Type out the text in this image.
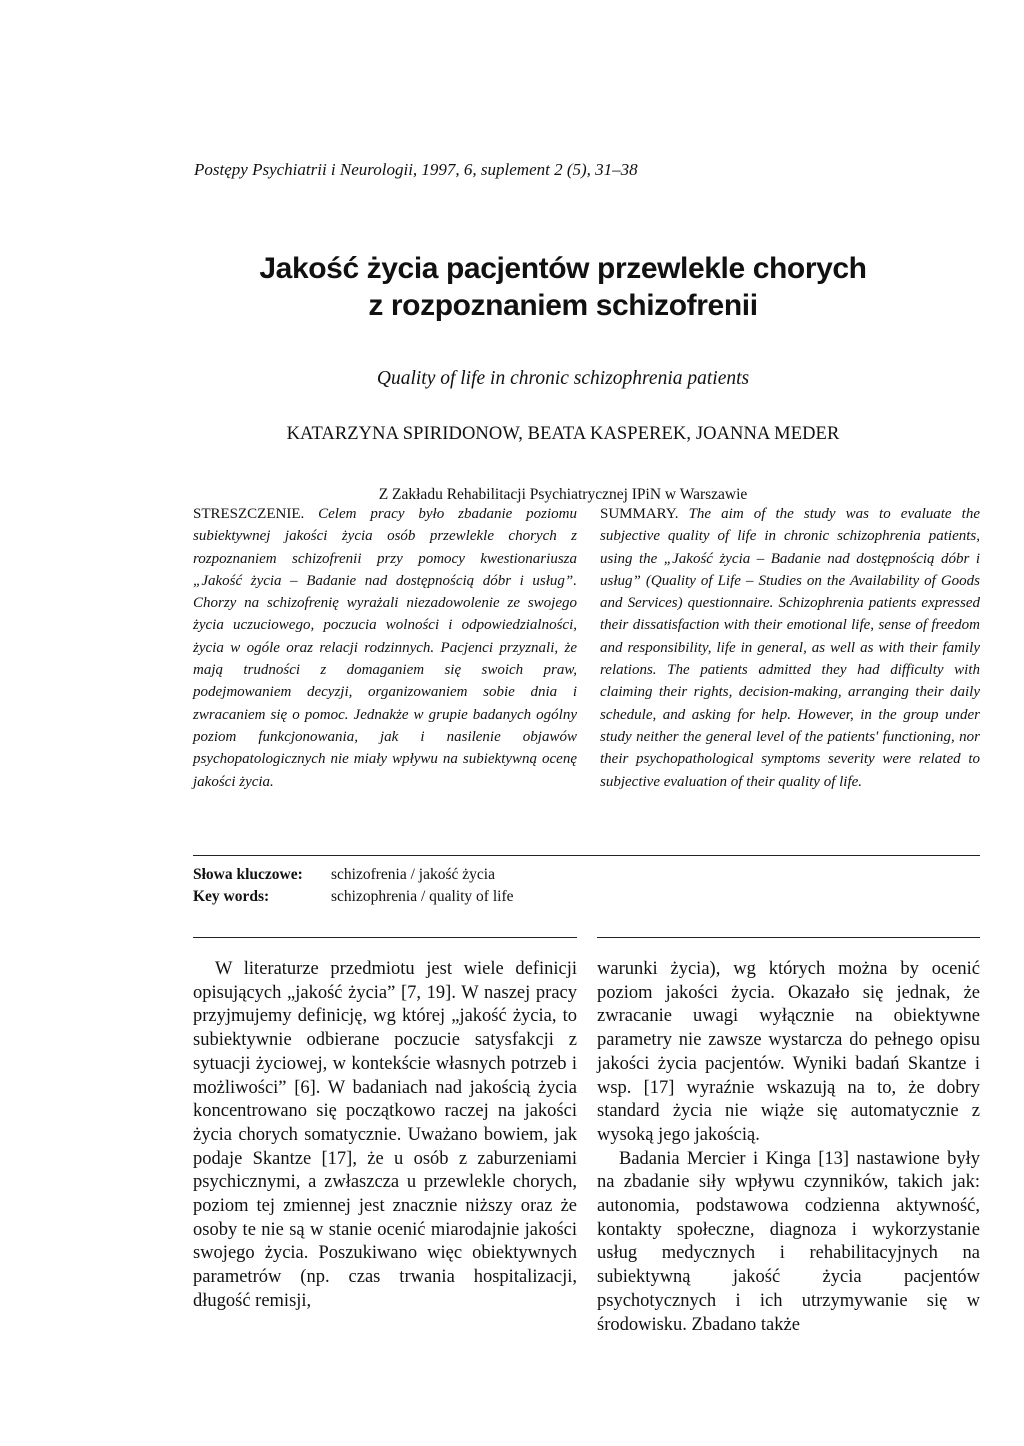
Postępy Psychiatrii i Neurologii, 1997, 6, suplement 2 (5), 31–38
Jakość życia pacjentów przewlekle chorych
z rozpoznaniem schizofrenii
Quality of life in chronic schizophrenia patients
KATARZYNA SPIRIDONOW, BEATA KASPEREK, JOANNA MEDER
Z Zakładu Rehabilitacji Psychiatrycznej IPiN w Warszawie
STRESZCZENIE. Celem pracy było zbadanie poziomu subiektywnej jakości życia osób przewlekle chorych z rozpoznaniem schizofrenii przy pomocy kwestionariusza „Jakość życia – Badanie nad dostępnością dóbr i usług”. Chorzy na schizofrenię wyrażali niezadowolenie ze swojego życia uczuciowego, poczucia wolności i odpowiedzialności, życia w ogóle oraz relacji rodzinnych. Pacjenci przyznali, że mają trudności z domaganiem się swoich praw, podejmowaniem decyzji, organizowaniem sobie dnia i zwracaniem się o pomoc. Jednakże w grupie badanych ogólny poziom funkcjonowania, jak i nasilenie objawów psychopatologicznych nie miały wpływu na subiektywną ocenę jakości życia.
SUMMARY. The aim of the study was to evaluate the subjective quality of life in chronic schizophrenia patients, using the „Jakość życia – Badanie nad dostępnością dóbr i usług” (Quality of Life – Studies on the Availability of Goods and Services) questionnaire. Schizophrenia patients expressed their dissatisfaction with their emotional life, sense of freedom and responsibility, life in general, as well as with their family relations. The patients admitted they had difficulty with claiming their rights, decision-making, arranging their daily schedule, and asking for help. However, in the group under study neither the general level of the patients' functioning, nor their psychopathological symptoms severity were related to subjective evaluation of their quality of life.
Słowa kluczowe: schizofrenia / jakość życia
Key words:	schizophrenia / quality of life

W literaturze przedmiotu jest wiele definicji opisujących „jakość życia” [7, 19]. W naszej pracy przyjmujemy definicję, wg której „jakość życia, to subiektywnie odbierane poczucie satysfakcji z sytuacji życiowej, w kontekście własnych potrzeb i możliwości” [6]. W badaniach nad jakością życia koncentrowano się początkowo raczej na jakości życia chorych somatycznie. Uważano bowiem, jak podaje Skantze [17], że u osób z zaburzeniami psychicznymi, a zwłaszcza u przewlekle chorych, poziom tej zmiennej jest znacznie niższy oraz że osoby te nie są w stanie ocenić miarodajnie jakości swojego życia. Poszukiwano więc obiektywnych parametrów (np. czas trwania hospitalizacji, długość remisji,

warunki życia), wg których można by ocenić poziom jakości życia. Okazało się jednak, że zwracanie uwagi wyłącznie na obiektywne parametry nie zawsze wystarcza do pełnego opisu jakości życia pacjentów. Wyniki badań Skantze i wsp. [17] wyraźnie wskazują na to, że dobry standard życia nie wiąże się automatycznie z wysoką jego jakością.

Badania Mercier i Kinga [13] nastawione były na zbadanie siły wpływu czynników, takich jak: autonomia, podstawowa codzienna aktywność, kontakty społeczne, diagnoza i wykorzystanie usług medycznych i rehabilitacyjnych na subiektywną jakość życia pacjentów psychotycznych i ich utrzymywanie się w środowisku. Zbadano także
